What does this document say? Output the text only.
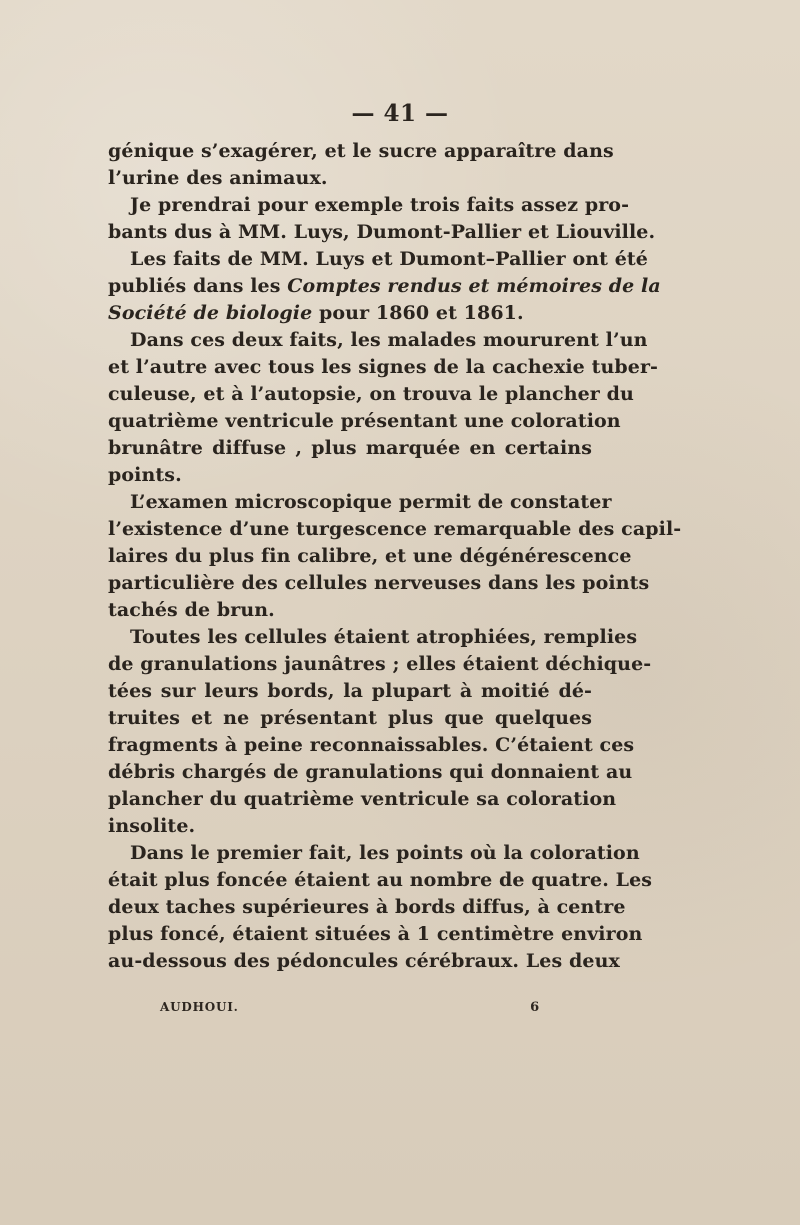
— 41 —
génique s’exagérer, et le sucre apparaître dans
l’urine des animaux.
Je prendrai pour exemple trois faits assez pro-
bants dus à MM. Luys, Dumont-Pallier et Liouville.
Les faits de MM. Luys et Dumont–Pallier ont été
publiés dans les Comptes rendus et mémoires de la
Société de biologie pour 1860 et 1861.
Dans ces deux faits, les malades moururent l’un
et l’autre avec tous les signes de la cachexie tuber-
culeuse, et à l’autopsie, on trouva le plancher du
quatrième ventricule présentant une coloration
brunâtre diffuse , plus marquée en certains
points.
L’examen microscopique permit de constater
l’existence d’une turgescence remarquable des capil-
laires du plus fin calibre, et une dégénérescence
particulière des cellules nerveuses dans les points
tachés de brun.
Toutes les cellules étaient atrophiées, remplies
de granulations jaunâtres ; elles étaient déchique-
tées sur leurs bords, la plupart à moitié dé-
truites et ne présentant plus que quelques
fragments à peine reconnaissables. C’étaient ces
débris chargés de granulations qui donnaient au
plancher du quatrième ventricule sa coloration
insolite.
Dans le premier fait, les points où la coloration
était plus foncée étaient au nombre de quatre. Les
deux taches supérieures à bords diffus, à centre
plus foncé, étaient situées à 1 centimètre environ
au-dessous des pédoncules cérébraux. Les deux
AUDHOUI.	6
